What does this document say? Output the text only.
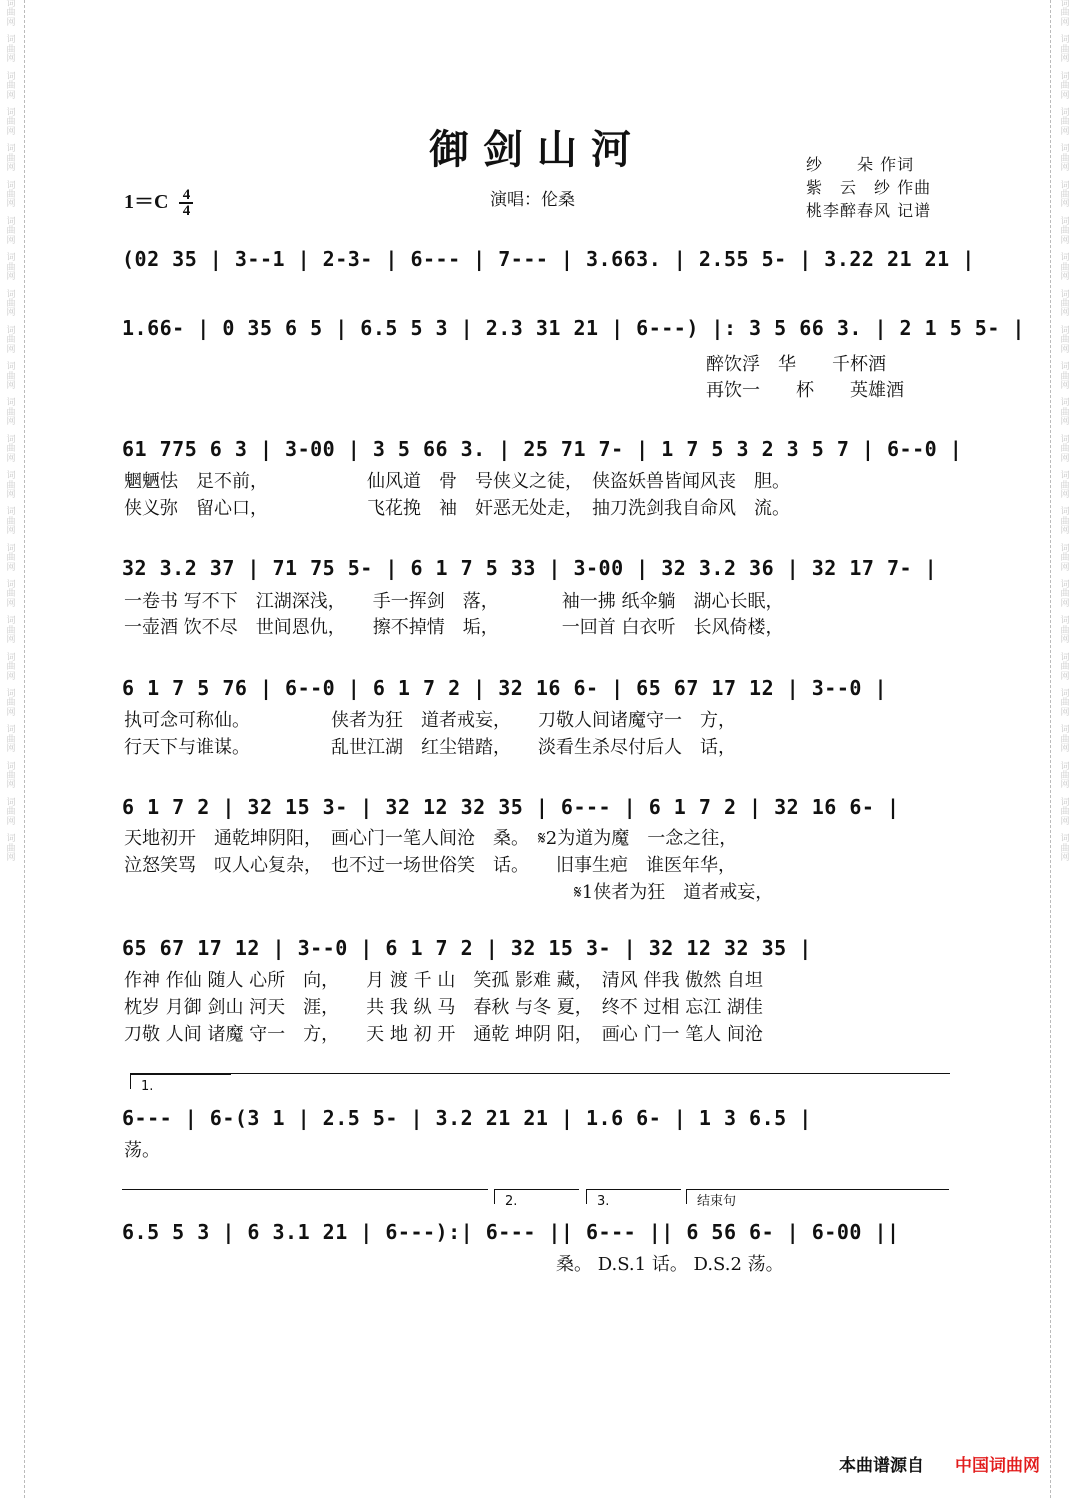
词
曲
网
词
曲
网
词
曲
网
词
曲
网
词
曲
网
词
曲
网
词
曲
网
词
曲
网
词
曲
网
词
曲
网
词
曲
网
词
曲
网
词
曲
网
词
曲
网
词
曲
网
词
曲
网
词
曲
网
词
曲
网
词
曲
网
词
曲
网
词
曲
网
词
曲
网
词
曲
网
词
曲
网
词
曲
网
词
曲
网
词
曲
网
词
曲
网
词
曲
网
词
曲
网
词
曲
网
词
曲
网
词
曲
网
词
曲
网
词
曲
网
词
曲
网
词
曲
网
词
曲
网
词
曲
网
词
曲
网
词
曲
网
词
曲
网
词
曲
网
词
曲
网
词
曲
网
词
曲
网
词
曲
网
词
曲
网
御剑山河
$1=C \frac{4}{4}$	演唱：伦桑
纱　　朵 作词
紫　云　纱 作曲
桃李醉春风 记谱
(02 35 | 3--1 | 2-3- | 6--- | 7--- | 3.663. | 2.55 5- | 3.22 21 21 |
1.66- | 0 35 6 5 | 6.5 5 3 | 2.3 31 21 | 6---) |: 3 5 66 3. | 2 1 5 5- |
醉饮浮　华　　千杯酒
再饮一　　杯　　英雄酒
61 775 6 3 | 3-00 | 3 5 66 3. | 25 71 7- | 1 7 5 3 2 3 5 7 | 6--0 |
魍魉怯　足不前，　　　　　　仙风道　骨　号侠义之徒，　侠盗妖兽皆闻风丧　胆。
侠义弥　留心口，　　　　　　飞花挽　袖　奸恶无处走，　抽刀洗剑我自命风　流。
32 3.2 37 | 71 75 5- | 6 1 7 5 33 | 3-00 | 32 3.2 36 | 32 17 7- |
一卷书 写不下　江湖深浅，　　手一挥剑　落，　　　　袖一拂 纸伞躺　湖心长眠，
一壶酒 饮不尽　世间恩仇，　　擦不掉情　垢，　　　　一回首 白衣听　长风倚楼，
6 1 7 5 76 | 6--0 | 6 1 7 2 | 32 16 6- | 65 67 17 12 | 3--0 |
执可念可称仙。　　　　　侠者为狂　道者戒妄，　　刀敬人间诸魔守一　方，
行天下与谁谋。　　　　　乱世江湖　红尘错踏，　　淡看生杀尽付后人　话，
6 1 7 2 | 32 15 3- | 32 12 32 35 | 6--- | 6 1 7 2 | 32 16 6- |
天地初开　通乾坤阴阳，　画心门一笔人间沧　桑。　𝄋2为道为魔　一念之往，
泣怒笑骂　叹人心复杂，　也不过一场世俗笑　话。　　旧事生疤　谁医年华，
　　　　　　　　　　　　　　　　　　　　　　　　　𝄋1侠者为狂　道者戒妄，
65 67 17 12 | 3--0 | 6 1 7 2 | 32 15 3- | 32 12 32 35 |
作神 作仙 随人 心所　向，　　月 渡 千 山　笑孤 影难 藏，　清风 伴我 傲然 自坦
枕岁 月御 剑山 河天　涯，　　共 我 纵 马　春秋 与冬 夏，　终不 过相 忘江 湖佳
刀敬 人间 诸魔 守一　方，　　天 地 初 开　通乾 坤阴 阳，　画心 门一 笔人 间沧
1.
6--- | 6-(3 1 | 2.5 5- | 3.2 21 21 | 1.6 6- | 1 3 6.5 |
荡。
2.	3.	结束句
6.5 5 3 | 6 3.1 21 | 6---):| 6--- || 6--- || 6 56 6- | 6-00 ||
　　　　　　　　　　　　　　　　　　　　　　　　桑。 D.S.1 话。 D.S.2 荡。
本曲谱源自 中国词曲网
